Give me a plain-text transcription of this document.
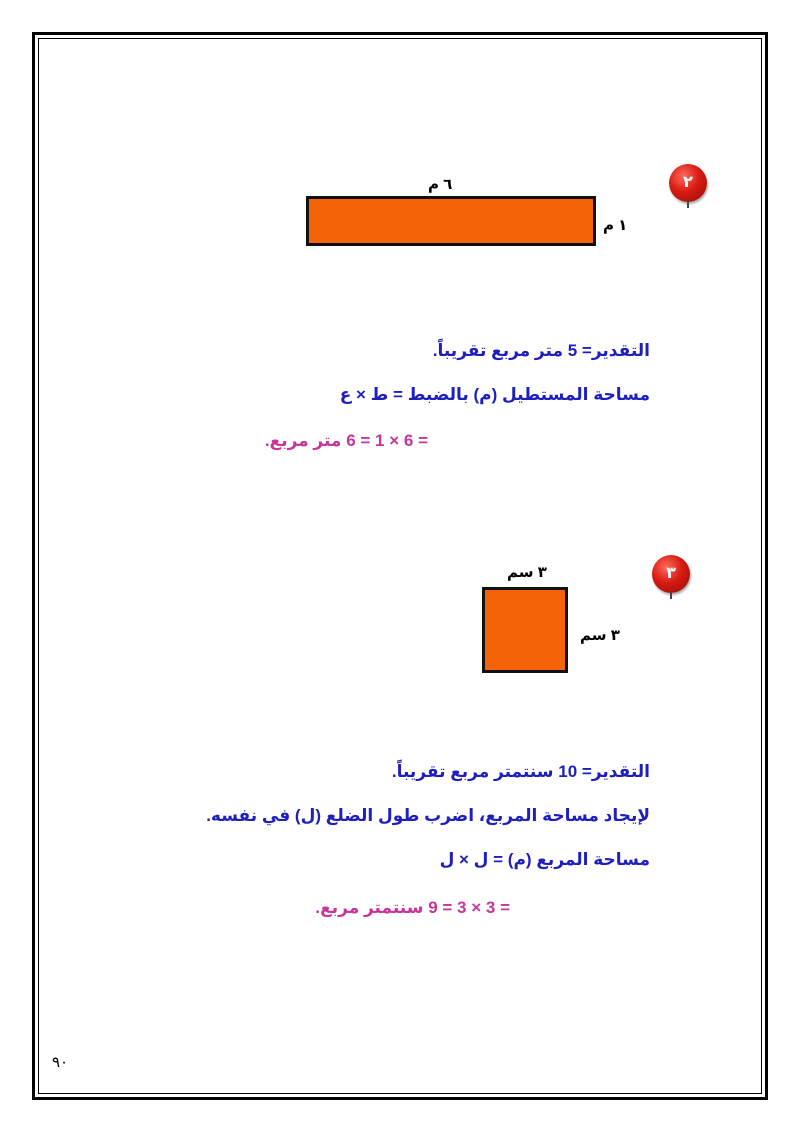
٢
٦ م
١ م
التقدير= 5 متر مربع تقريباً.
مساحة المستطيل (م) بالضبط = ط × ع
= 6 × 1 = 6 متر مربع.
٣
٣ سم
٣ سم
التقدير= 10 سنتمتر مربع تقريباً.
لإيجاد مساحة المربع، اضرب طول الضلع (ل) في نفسه.
مساحة المربع (م) = ل × ل
= 3 × 3 = 9 سنتمتر مربع.
٩٠
